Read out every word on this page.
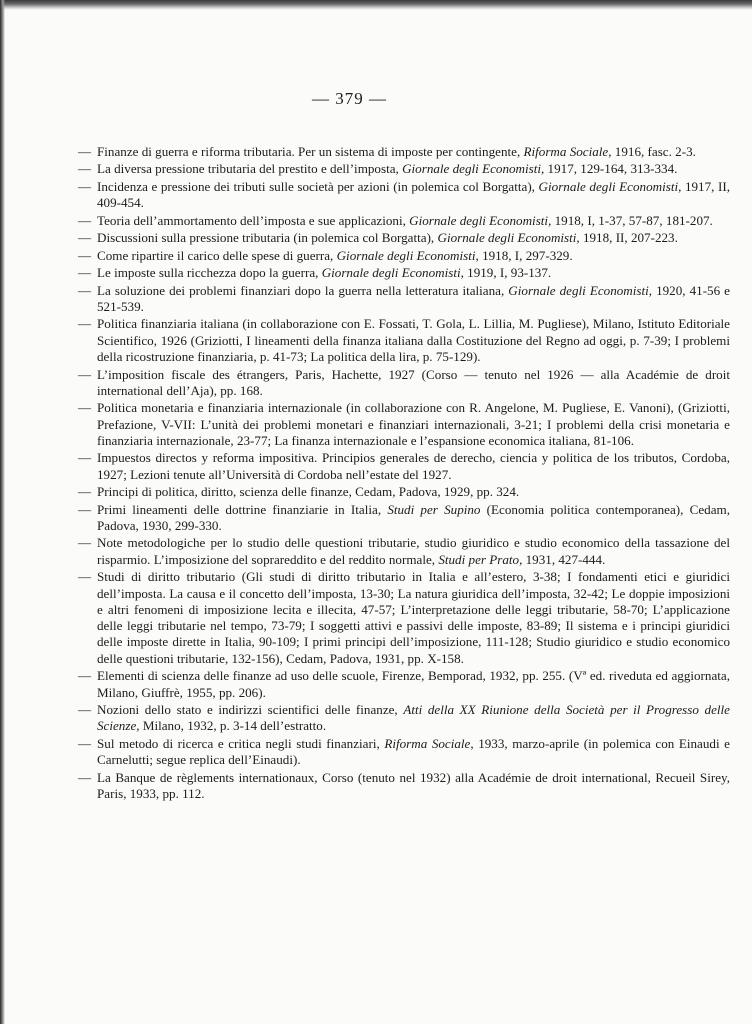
— 379 —
— Finanze di guerra e riforma tributaria. Per un sistema di imposte per contingente, Riforma Sociale, 1916, fasc. 2-3.
— La diversa pressione tributaria del prestito e dell’imposta, Giornale degli Economisti, 1917, 129-164, 313-334.
— Incidenza e pressione dei tributi sulle società per azioni (in polemica col Borgatta), Giornale degli Economisti, 1917, II, 409-454.
— Teoria dell’ammortamento dell’imposta e sue applicazioni, Giornale degli Economisti, 1918, I, 1-37, 57-87, 181-207.
— Discussioni sulla pressione tributaria (in polemica col Borgatta), Giornale degli Economisti, 1918, II, 207-223.
— Come ripartire il carico delle spese di guerra, Giornale degli Economisti, 1918, I, 297-329.
— Le imposte sulla ricchezza dopo la guerra, Giornale degli Economisti, 1919, I, 93-137.
— La soluzione dei problemi finanziari dopo la guerra nella letteratura italiana, Giornale degli Economisti, 1920, 41-56 e 521-539.
— Politica finanziaria italiana (in collaborazione con E. Fossati, T. Gola, L. Lillia, M. Pugliese), Milano, Istituto Editoriale Scientifico, 1926 (Griziotti, I lineamenti della finanza italiana dalla Costituzione del Regno ad oggi, p. 7-39; I problemi della ricostruzione finanziaria, p. 41-73; La politica della lira, p. 75-129).
— L’imposition fiscale des étrangers, Paris, Hachette, 1927 (Corso — tenuto nel 1926 — alla Académie de droit international dell’Aja), pp. 168.
— Politica monetaria e finanziaria internazionale (in collaborazione con R. Angelone, M. Pugliese, E. Vanoni), (Griziotti, Prefazione, V-VII: L’unità dei problemi monetari e finanziari internazionali, 3-21; I problemi della crisi monetaria e finanziaria internazionale, 23-77; La finanza internazionale e l’espansione economica italiana, 81-106.
— Impuestos directos y reforma impositiva. Principios generales de derecho, ciencia y politica de los tributos, Cordoba, 1927; Lezioni tenute all’Università di Cordoba nell’estate del 1927.
— Principi di politica, diritto, scienza delle finanze, Cedam, Padova, 1929, pp. 324.
— Primi lineamenti delle dottrine finanziarie in Italia, Studi per Supino (Economia politica contemporanea), Cedam, Padova, 1930, 299-330.
— Note metodologiche per lo studio delle questioni tributarie, studio giuridico e studio economico della tassazione del risparmio. L’imposizione del soprareddito e del reddito normale, Studi per Prato, 1931, 427-444.
— Studi di diritto tributario (Gli studi di diritto tributario in Italia e all’estero, 3-38; I fondamenti etici e giuridici dell’imposta. La causa e il concetto dell’imposta, 13-30; La natura giuridica dell’imposta, 32-42; Le doppie imposizioni e altri fenomeni di imposizione lecita e illecita, 47-57; L’interpretazione delle leggi tributarie, 58-70; L’applicazione delle leggi tributarie nel tempo, 73-79; I soggetti attivi e passivi delle imposte, 83-89; Il sistema e i principi giuridici delle imposte dirette in Italia, 90-109; I primi principi dell’imposizione, 111-128; Studio giuridico e studio economico delle questioni tributarie, 132-156), Cedam, Padova, 1931, pp. X-158.
— Elementi di scienza delle finanze ad uso delle scuole, Firenze, Bemporad, 1932, pp. 255. (Vª ed. riveduta ed aggiornata, Milano, Giuffrè, 1955, pp. 206).
— Nozioni dello stato e indirizzi scientifici delle finanze, Atti della XX Riunione della Società per il Progresso delle Scienze, Milano, 1932, p. 3-14 dell’estratto.
— Sul metodo di ricerca e critica negli studi finanziari, Riforma Sociale, 1933, marzo-aprile (in polemica con Einaudi e Carnelutti; segue replica dell’Einaudi).
— La Banque de règlements internationaux, Corso (tenuto nel 1932) alla Académie de droit international, Recueil Sirey, Paris, 1933, pp. 112.
